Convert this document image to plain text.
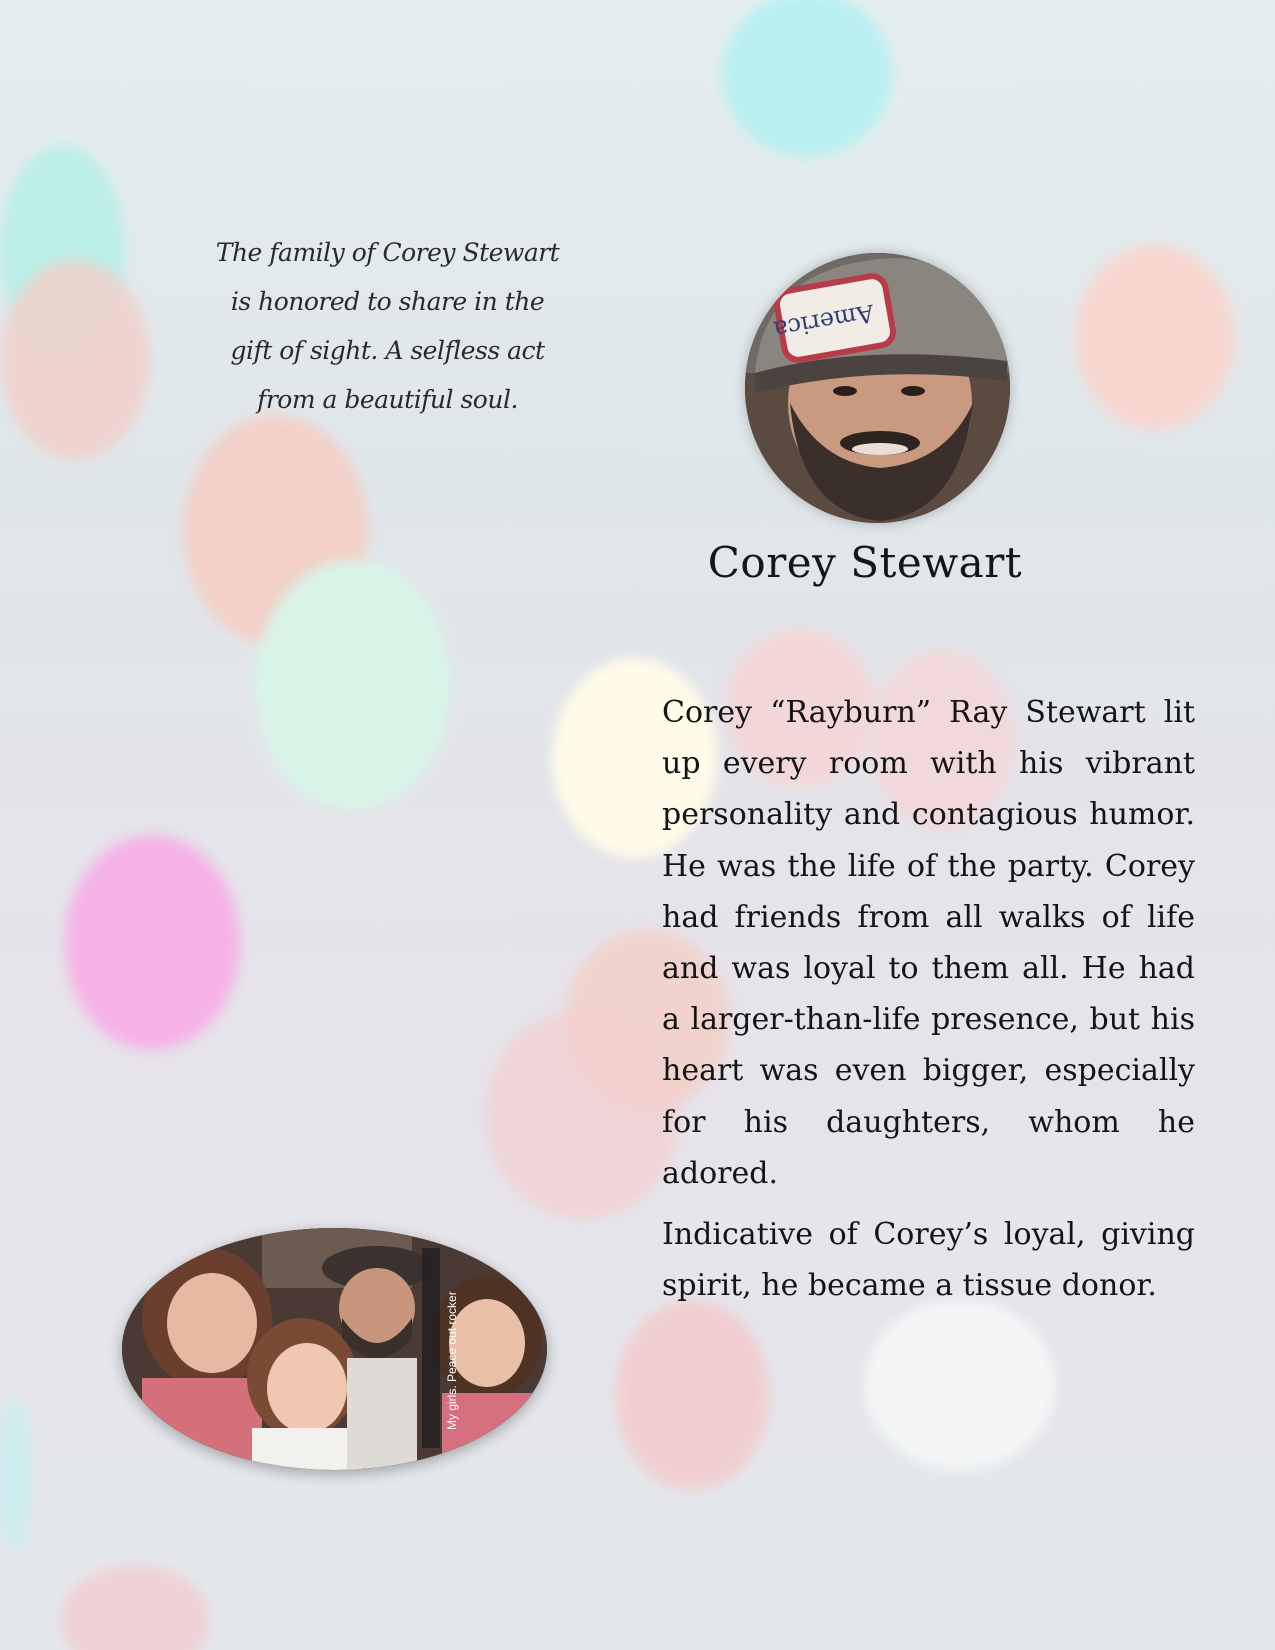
The family of Corey Stewart is honored to share in the gift of sight. A selfless act from a beautiful soul.

America
Corey Stewart

Corey “Rayburn” Ray Stewart lit up every room with his vibrant personality and contagious humor. He was the life of the party. Corey had friends from all walks of life and was loyal to them all. He had a larger-than-life presence, but his heart was even bigger, especially for his daughters, whom he adored.

Indicative of Corey’s loyal, giving spirit, he became a tissue donor.

My girls. Peace out rocker
